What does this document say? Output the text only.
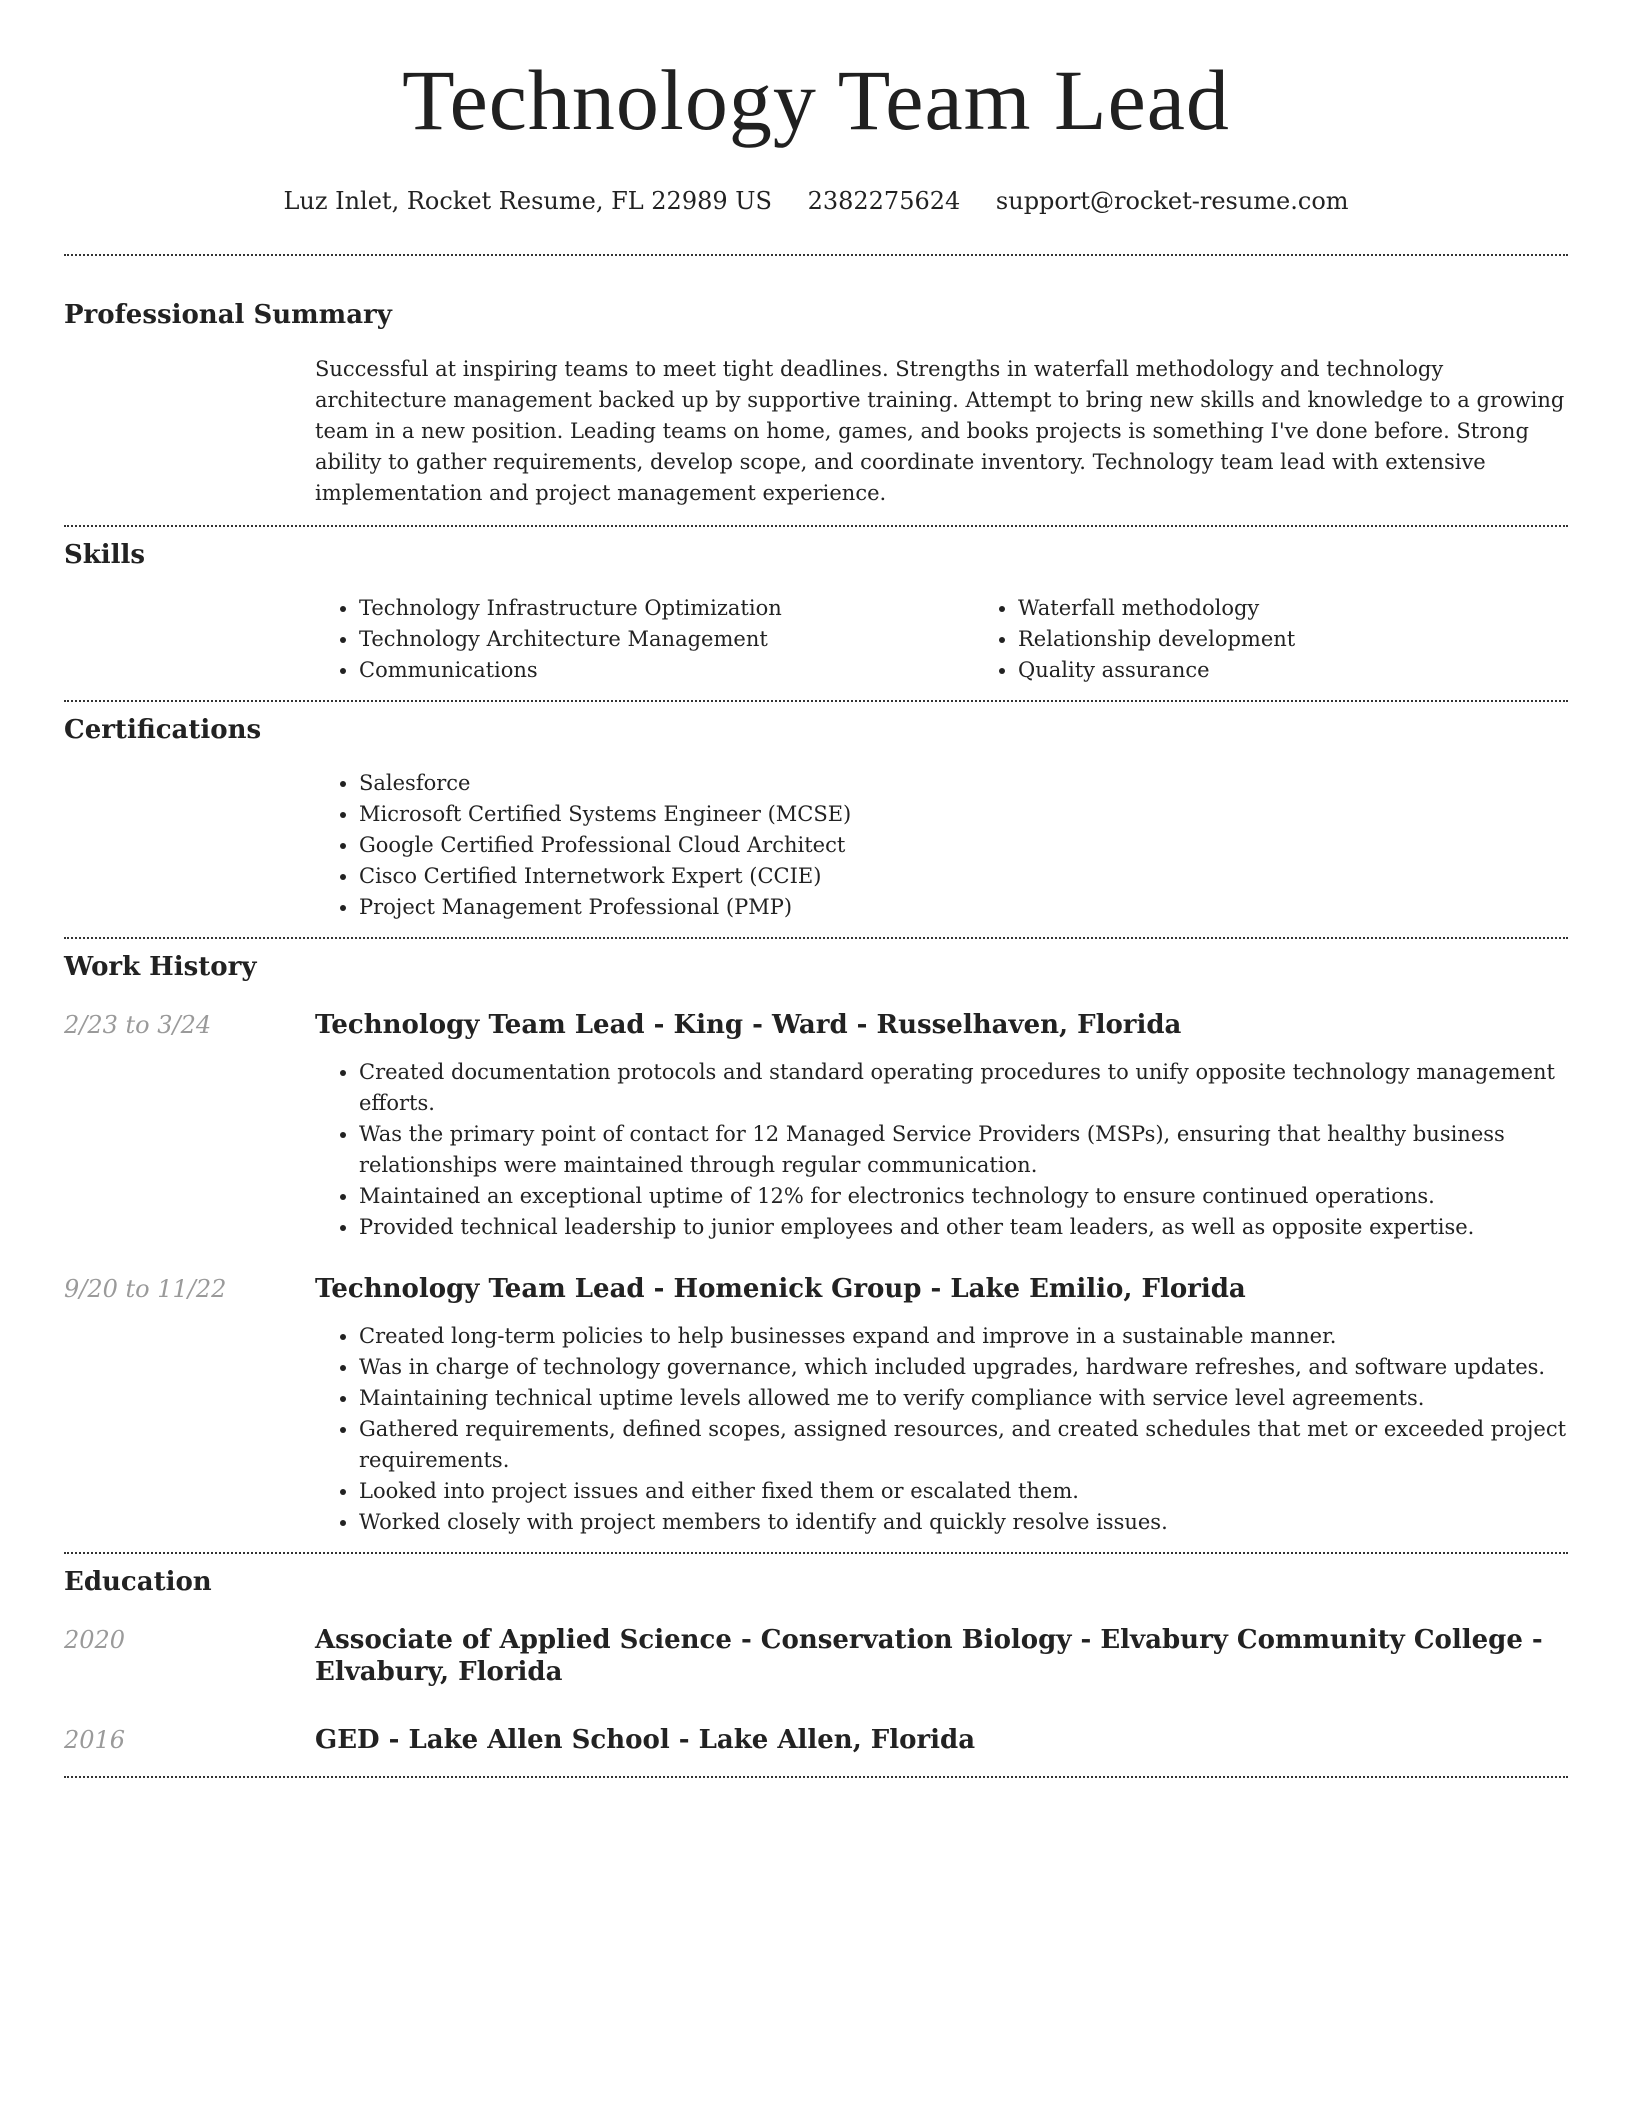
Technology Team Lead
Luz Inlet, Rocket Resume, FL 22989 US 2382275624 support@rocket-resume.com
Professional Summary

Successful at inspiring teams to meet tight deadlines. Strengths in waterfall methodology and technology architecture management backed up by supportive training. Attempt to bring new skills and knowledge to a growing team in a new position. Leading teams on home, games, and books projects is something I've done before. Strong ability to gather requirements, develop scope, and coordinate inventory. Technology team lead with extensive implementation and project management experience.

Skills
• Technology Infrastructure Optimization
• Technology Architecture Management
• Communications
• Waterfall methodology
• Relationship development
• Quality assurance
Certifications
• Salesforce
• Microsoft Certified Systems Engineer (MCSE)
• Google Certified Professional Cloud Architect
• Cisco Certified Internetwork Expert (CCIE)
• Project Management Professional (PMP)
Work History
2/23 to 3/24	Technology Team Lead - King - Ward - Russelhaven, Florida
• Created documentation protocols and standard operating procedures to unify opposite technology management efforts.
• Was the primary point of contact for 12 Managed Service Providers (MSPs), ensuring that healthy business relationships were maintained through regular communication.
• Maintained an exceptional uptime of 12% for electronics technology to ensure continued operations.
• Provided technical leadership to junior employees and other team leaders, as well as opposite expertise.
9/20 to 11/22	Technology Team Lead - Homenick Group - Lake Emilio, Florida
• Created long-term policies to help businesses expand and improve in a sustainable manner.
• Was in charge of technology governance, which included upgrades, hardware refreshes, and software updates.
• Maintaining technical uptime levels allowed me to verify compliance with service level agreements.
• Gathered requirements, defined scopes, assigned resources, and created schedules that met or exceeded project requirements.
• Looked into project issues and either fixed them or escalated them.
• Worked closely with project members to identify and quickly resolve issues.
Education
2020	Associate of Applied Science - Conservation Biology - Elvabury Community College - Elvabury, Florida
2016	GED - Lake Allen School - Lake Allen, Florida
